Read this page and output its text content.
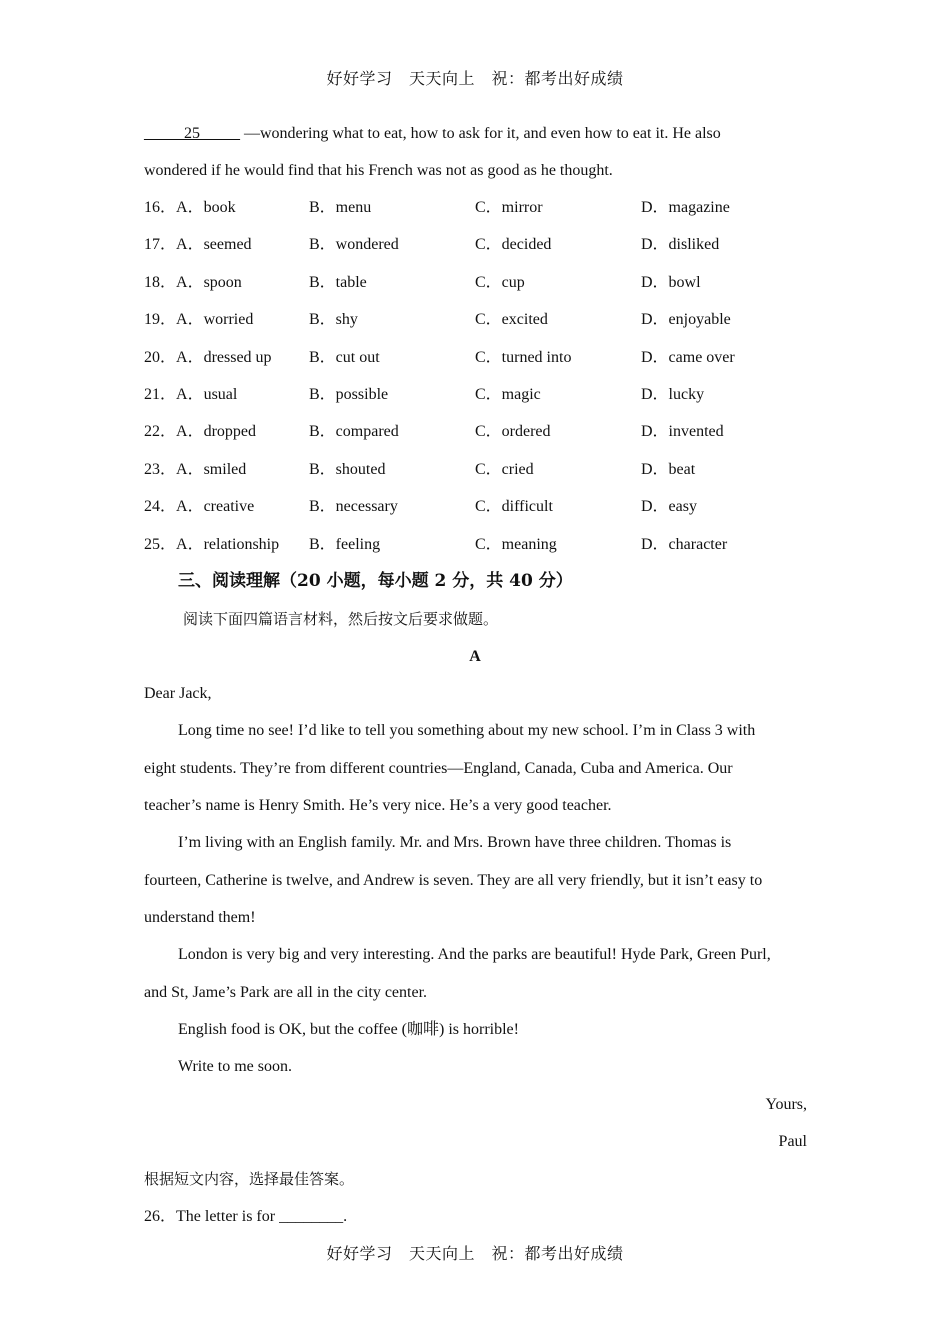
好好学习　天天向上　祝：都考出好成绩
_____25_____ —wondering what to eat, how to ask for it, and even how to eat it. He also
wondered if he would find that his French was not as good as he thought.
16．A．book	B．menu	C．mirror	D．magazine
17．A．seemed	B．wondered	C．decided	D．disliked
18．A．spoon	B．table	C．cup	D．bowl
19．A．worried	B．shy	C．excited	D．enjoyable
20．A．dressed up B．cut out	C．turned into	D．came over
21．A．usual	B．possible	C．magic	D．lucky
22．A．dropped	B．compared	C．ordered	D．invented
23．A．smiled	B．shouted	C．cried	D．beat
24．A．creative	B．necessary	C．difficult	D．easy
25．A．relationship B．feeling	C．meaning	D．character
三、阅读理解（20 小题，每小题 2 分，共 40 分）
阅读下面四篇语言材料，然后按文后要求做题。
A
Dear Jack,
Long time no see! I’d like to tell you something about my new school. I’m in Class 3 with
eight students. They’re from different countries—England, Canada, Cuba and America. Our
teacher’s name is Henry Smith. He’s very nice. He’s a very good teacher.
I’m living with an English family. Mr. and Mrs. Brown have three children. Thomas is
fourteen, Catherine is twelve, and Andrew is seven. They are all very friendly, but it isn’t easy to
understand them!
London is very big and very interesting. And the parks are beautiful! Hyde Park, Green Purl,
and St, Jame’s Park are all in the city center.
English food is OK, but the coffee (咖啡) is horrible!
Write to me soon.
Yours,
Paul
根据短文内容，选择最佳答案。
26．The letter is for ________.
好好学习　天天向上　祝：都考出好成绩
